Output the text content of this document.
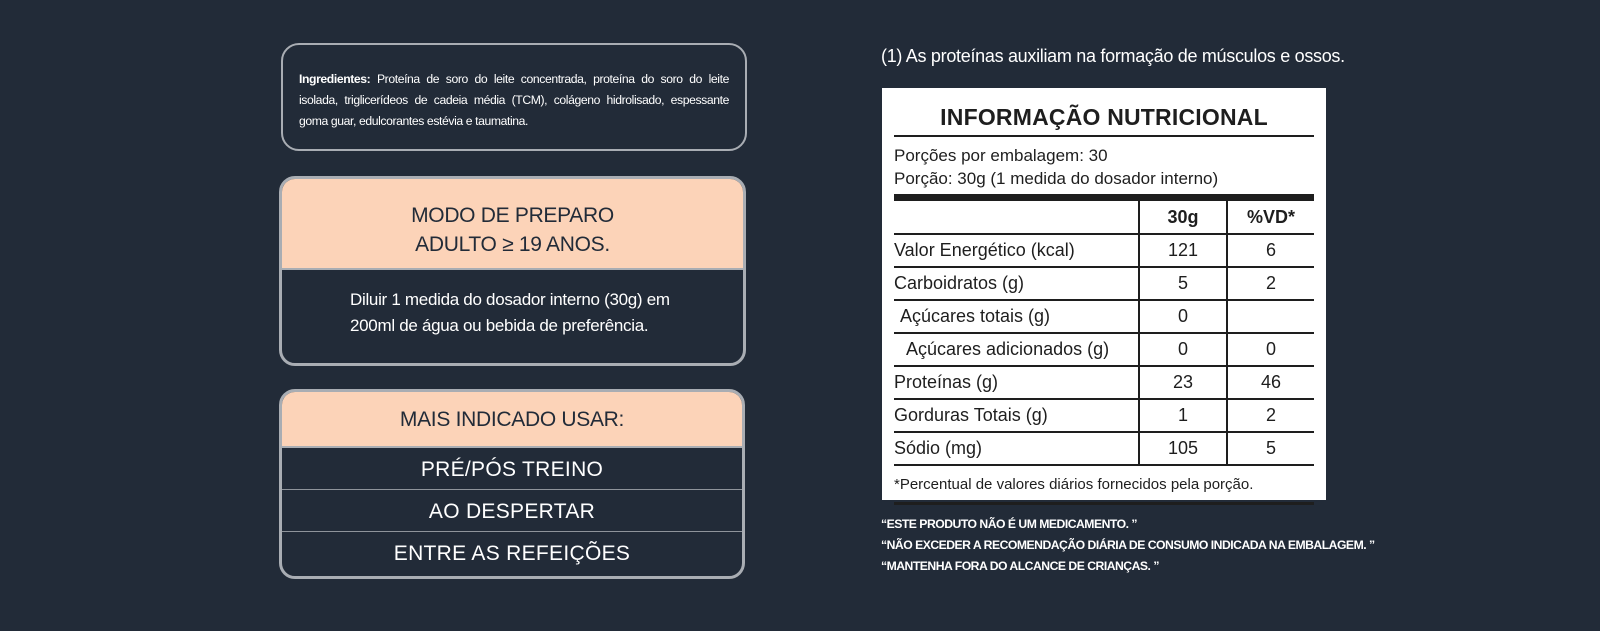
Ingredientes: Proteína de soro do leite concentrada, proteína do soro do leite isolada, triglicerídeos de cadeia média (TCM), colágeno hidrolisado, espessante goma guar, edulcorantes estévia e taumatina.

MODO DE PREPARO
ADULTO ≥ 19 ANOS.
Diluir 1 medida do dosador interno (30g) em
200ml de água ou bebida de preferência.
MAIS INDICADO USAR:
PRÉ/PÓS TREINO
AO DESPERTAR
ENTRE AS REFEIÇÕES
(1) As proteínas auxiliam na formação de músculos e ossos.
INFORMAÇÃO NUTRICIONAL
Porções por embalagem: 30
Porção: 30g (1 medida do dosador interno)
	30g	%VD*
Valor Energético (kcal)	121	6
Carboidratos (g)	5	2
Açúcares totais (g)	0	
Açúcares adicionados (g)	0	0
Proteínas (g)	23	46
Gorduras Totais (g)	1	2
Sódio (mg)	105	5
*Percentual de valores diários fornecidos pela porção.
“ESTE PRODUTO NÃO É UM MEDICAMENTO. ”
“NÃO EXCEDER A RECOMENDAÇÃO DIÁRIA DE CONSUMO INDICADA NA EMBALAGEM. ”
“MANTENHA FORA DO ALCANCE DE CRIANÇAS. ”
